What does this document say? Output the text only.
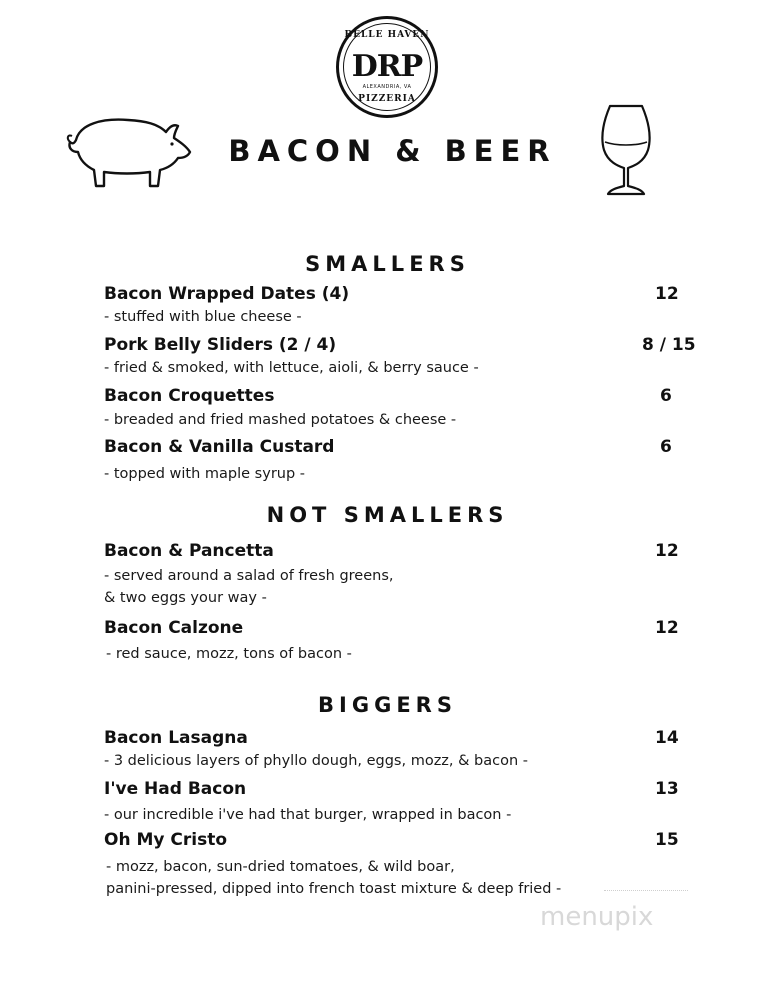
BELLE HAVEN
DRP
ALEXANDRIA, VA
PIZZERIA
BACON & BEER
SMALLERS
Bacon Wrapped Dates (4)	12
- stuffed with blue cheese -
Pork Belly Sliders (2 / 4)	8 / 15
- fried & smoked, with lettuce, aioli, & berry sauce -
Bacon Croquettes	6
- breaded and fried mashed potatoes & cheese -
Bacon & Vanilla Custard	6
- topped with maple syrup -
NOT SMALLERS
Bacon & Pancetta	12
- served around a salad of fresh greens,
& two eggs your way -
Bacon Calzone	12
- red sauce, mozz, tons of bacon -
BIGGERS
Bacon Lasagna	14
- 3 delicious layers of phyllo dough, eggs, mozz, & bacon -
I've Had Bacon	13
- our incredible i've had that burger, wrapped in bacon -
Oh My Cristo	15
- mozz, bacon, sun-dried tomatoes, & wild boar,
panini-pressed, dipped into french toast mixture & deep fried -
menupix
